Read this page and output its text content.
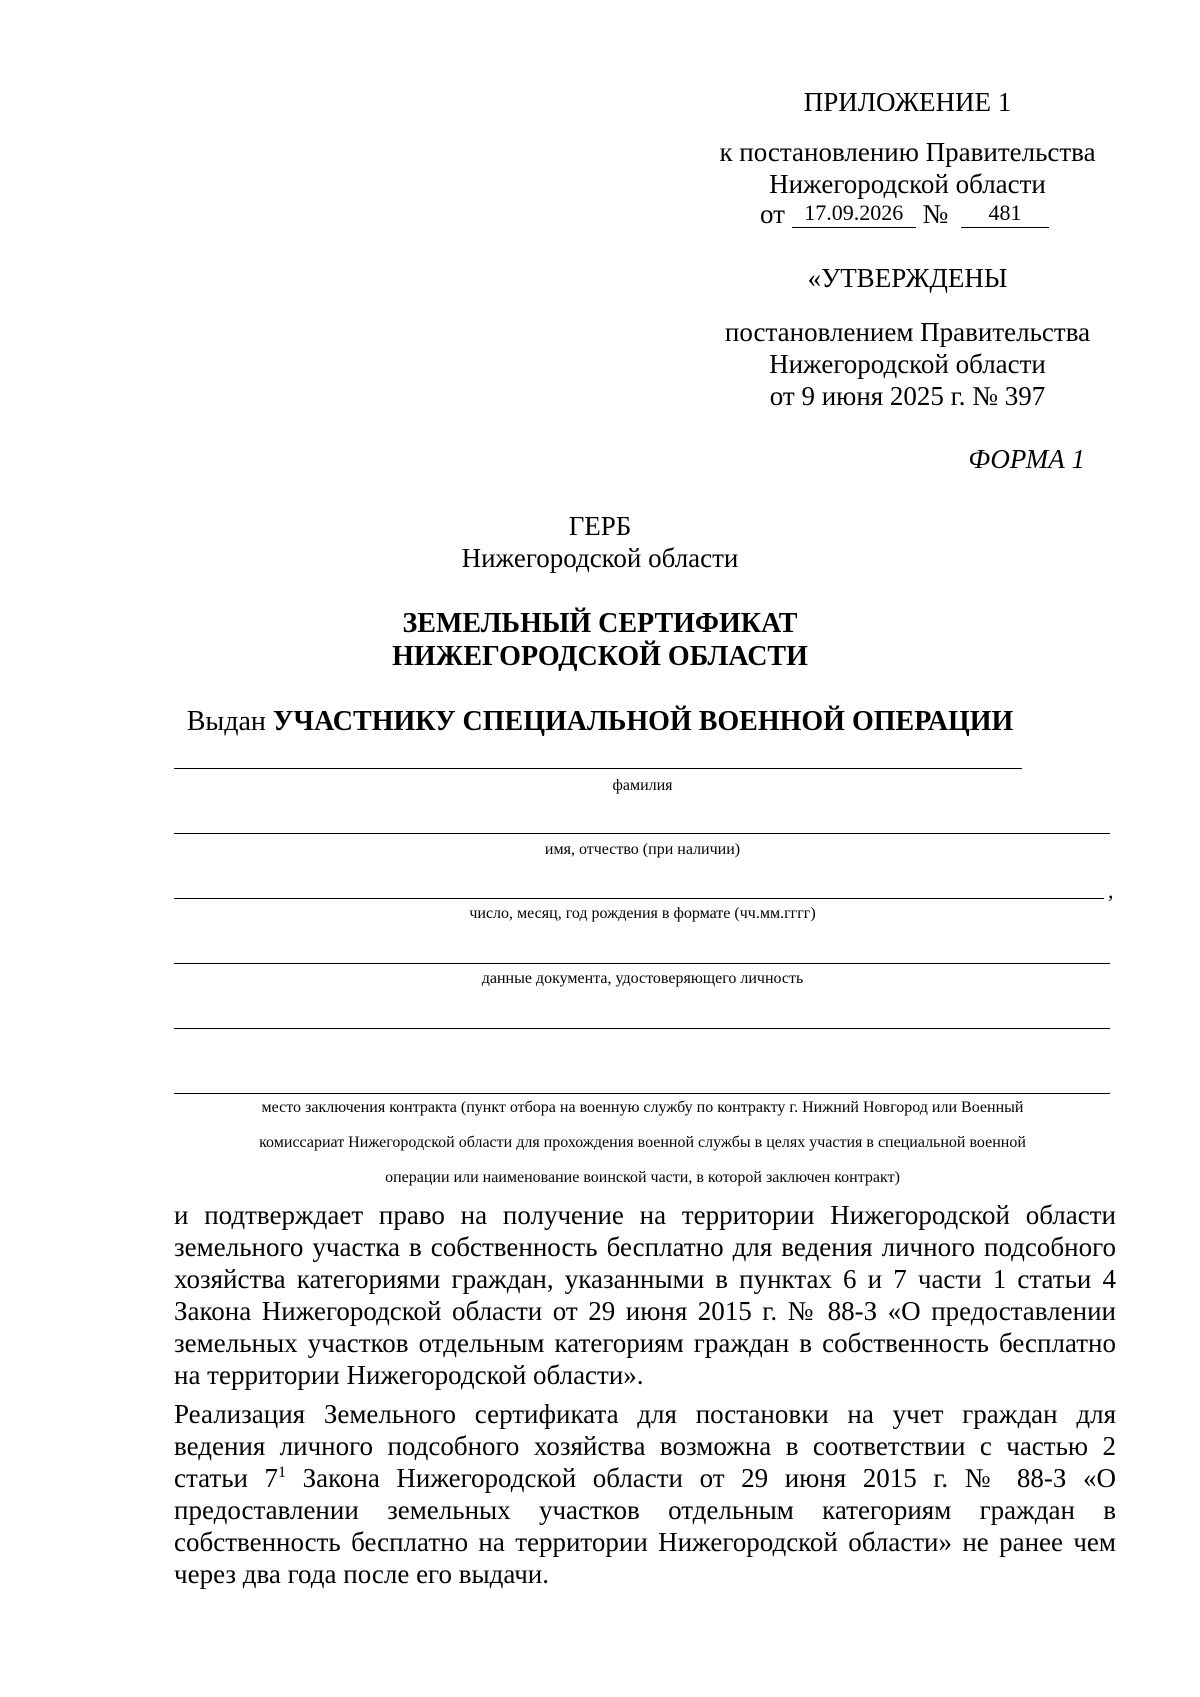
ПРИЛОЖЕНИЕ 1
к постановлению Правительства
Нижегородской области
от 17.09.2026 № 481
«УТВЕРЖДЕНЫ
постановлением Правительства
Нижегородской области
от 9 июня 2025 г. № 397
ФОРМА 1
ГЕРБ
Нижегородской области
ЗЕМЕЛЬНЫЙ СЕРТИФИКАТ
НИЖЕГОРОДСКОЙ ОБЛАСТИ
Выдан УЧАСТНИКУ СПЕЦИАЛЬНОЙ ВОЕННОЙ ОПЕРАЦИИ
фамилия
имя, отчество (при наличии)
,
число, месяц, год рождения в формате (чч.мм.гггг)
данные документа, удостоверяющего личность
место заключения контракта (пункт отбора на военную службу по контракту г. Нижний Новгород или Военный
комиссариат Нижегородской области для прохождения военной службы в целях участия в специальной военной
операции или наименование воинской части, в которой заключен контракт)
и подтверждает право на получение на территории Нижегородской области земельного участка в собственность бесплатно для ведения личного подсобного хозяйства категориями граждан, указанными в пунктах 6 и 7 части 1 статьи 4 Закона Нижегородской области от 29 июня 2015 г. № 88-З «О предоставлении земельных участков отдельным категориям граждан в собственность бесплатно на территории Нижегородской области».
Реализация Земельного сертификата для постановки на учет граждан для ведения личного подсобного хозяйства возможна в соответствии с частью 2 статьи $7^1$ Закона Нижегородской области от 29 июня 2015 г. № 88-З «О предоставлении земельных участков отдельным категориям граждан в собственность бесплатно на территории Нижегородской области» не ранее чем через два года после его выдачи.
